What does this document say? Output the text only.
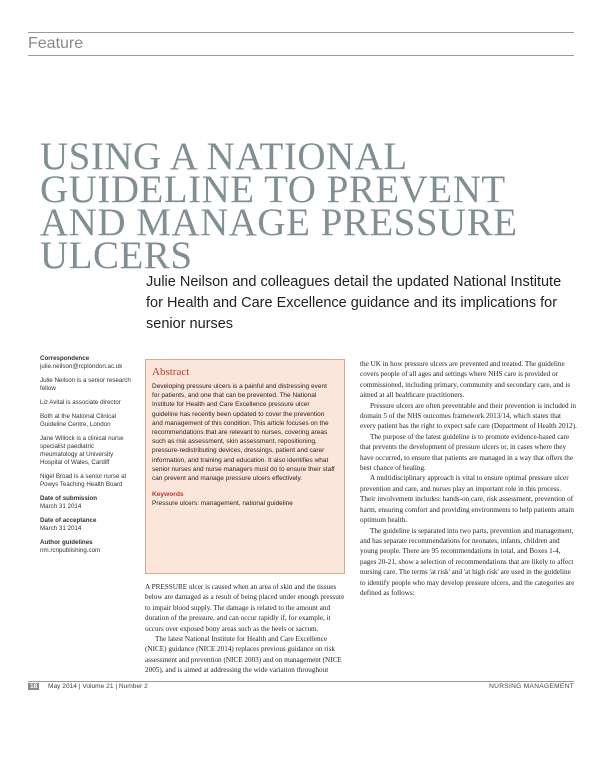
Feature
USING A NATIONAL GUIDELINE TO PREVENT AND MANAGE PRESSURE ULCERS

Julie Neilson and colleagues detail the updated National Institute for Health and Care Excellence guidance and its implications for senior nurses

Correspondence
julie.neilson@rcplondon.ac.uk
Julie Neilson is a senior research fellow
Liz Avital is associate director
Both at the National Clinical Guideline Centre, London
Jane Willock is a clinical nurse specialist paediatric rheumatology at University Hospital of Wales, Cardiff
Nigel Broad is a senior nurse at Powys Teaching Health Board
Date of submission
March 31 2014
Date of acceptance
March 31 2014
Author guidelines
nm.rcnpublishing.com
Abstract

Developing pressure ulcers is a painful and distressing event for patients, and one that can be prevented. The National Institute for Health and Care Excellence pressure ulcer guideline has recently been updated to cover the prevention and management of this condition. This article focuses on the recommendations that are relevant to nurses, covering areas such as risk assessment, skin assessment, repositioning, pressure-redistributing devices, dressings, patient and carer information, and training and education. It also identifies what senior nurses and nurse managers must do to ensure their staff can prevent and manage pressure ulcers effectively.

Keywords
Pressure ulcers: management, national guideline

A PRESSURE ulcer is caused when an area of skin and the tissues below are damaged as a result of being placed under enough pressure to impair blood supply. The damage is related to the amount and duration of the pressure, and can occur rapidly if, for example, it occurs over exposed bony areas such as the heels or sacrum.

The latest National Institute for Health and Care Excellence (NICE) guidance (NICE 2014) replaces previous guidance on risk assessment and prevention (NICE 2003) and on management (NICE 2005), and is aimed at addressing the wide variation throughout

the UK in how pressure ulcers are prevented and treated. The guideline covers people of all ages and settings where NHS care is provided or commissioned, including primary, community and secondary care, and is aimed at all healthcare practitioners.

Pressure ulcers are often preventable and their prevention is included in domain 5 of the NHS outcomes framework 2013/14, which states that every patient has the right to expect safe care (Department of Health 2012).

The purpose of the latest guideline is to promote evidence-based care that prevents the development of pressure ulcers or, in cases where they have occurred, to ensure that patients are managed in a way that offers the best chance of healing.

A multidisciplinary approach is vital to ensure optimal pressure ulcer prevention and care, and nurses play an important role in this process. Their involvement includes: hands-on care, risk assessment, prevention of harm, ensuring comfort and providing environments to help patients attain optimum health.

The guideline is separated into two parts, prevention and management, and has separate recommendations for neonates, infants, children and young people. There are 95 recommendations in total, and Boxes 1-4, pages 20-21, show a selection of recommendations that are likely to affect nursing care. The terms 'at risk' and 'at high risk' are used in the guideline to identify people who may develop pressure ulcers, and the categories are defined as follows:

18	May 2014 | Volume 21 | Number 2	NURSING MANAGEMENT
